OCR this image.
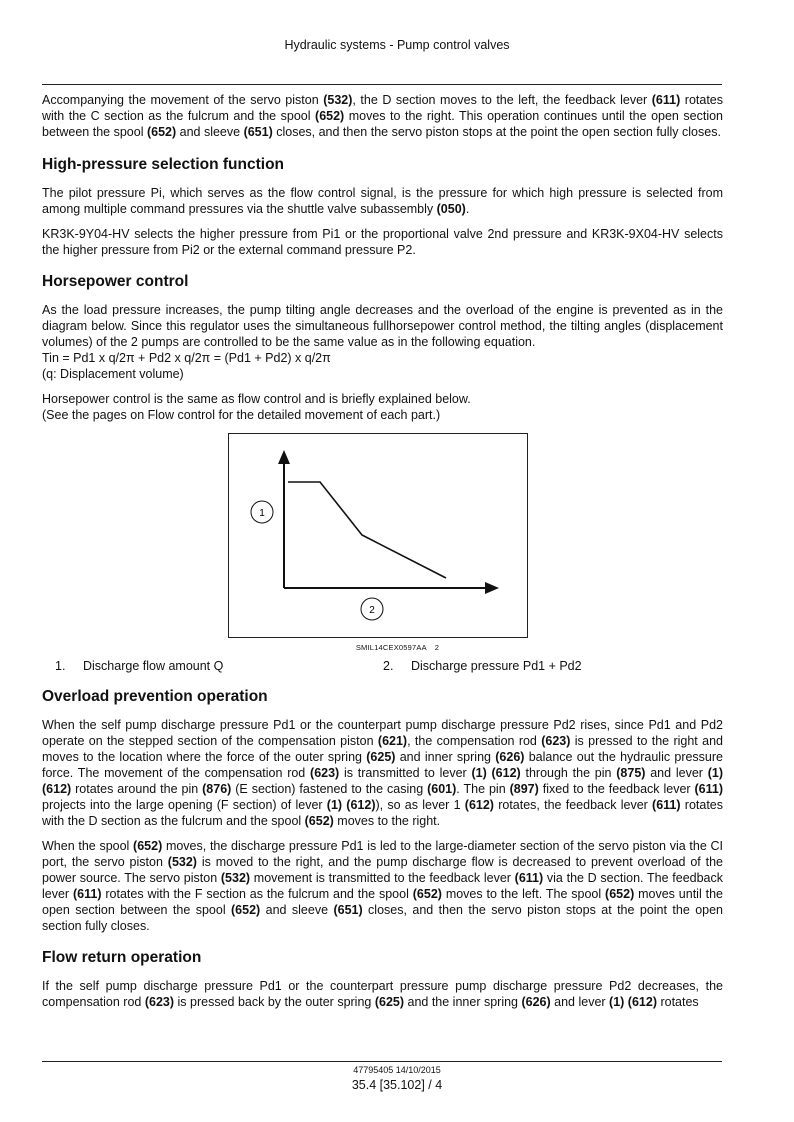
Hydraulic systems - Pump control valves

Accompanying the movement of the servo piston (532), the D section moves to the left, the feedback lever (611) rotates with the C section as the fulcrum and the spool (652) moves to the right. This operation continues until the open section between the spool (652) and sleeve (651) closes, and then the servo piston stops at the point the open section fully closes.

High-pressure selection function

The pilot pressure Pi, which serves as the flow control signal, is the pressure for which high pressure is selected from among multiple command pressures via the shuttle valve subassembly (050).

KR3K-9Y04-HV selects the higher pressure from Pi1 or the proportional valve 2nd pressure and KR3K-9X04-HV selects the higher pressure from Pi2 or the external command pressure P2.

Horsepower control

As the load pressure increases, the pump tilting angle decreases and the overload of the engine is prevented as in the diagram below. Since this regulator uses the simultaneous fullhorsepower control method, the tilting angles (displacement volumes) of the 2 pumps are controlled to be the same value as in the following equation.

Tin = Pd1 x q/2π + Pd2 x q/2π = (Pd1 + Pd2) x q/2π

(q: Displacement volume)

Horsepower control is the same as flow control and is briefly explained below.

(See the pages on Flow control for the detailed movement of each part.)

1
2
SMIL14CEX0597AA 2
1.	Discharge flow amount Q	2.	Discharge pressure Pd1 + Pd2
Overload prevention operation

When the self pump discharge pressure Pd1 or the counterpart pump discharge pressure Pd2 rises, since Pd1 and Pd2 operate on the stepped section of the compensation piston (621), the compensation rod (623) is pressed to the right and moves to the location where the force of the outer spring (625) and inner spring (626) balance out the hydraulic pressure force. The movement of the compensation rod (623) is transmitted to lever (1) (612) through the pin (875) and lever (1) (612) rotates around the pin (876) (E section) fastened to the casing (601). The pin (897) fixed to the feedback lever (611) projects into the large opening (F section) of lever (1) (612)), so as lever 1 (612) rotates, the feedback lever (611) rotates with the D section as the fulcrum and the spool (652) moves to the right.

When the spool (652) moves, the discharge pressure Pd1 is led to the large-diameter section of the servo piston via the CI port, the servo piston (532) is moved to the right, and the pump discharge flow is decreased to prevent overload of the power source. The servo piston (532) movement is transmitted to the feedback lever (611) via the D section. The feedback lever (611) rotates with the F section as the fulcrum and the spool (652) moves to the left. The spool (652) moves until the open section between the spool (652) and sleeve (651) closes, and then the servo piston stops at the point the open section fully closes.

Flow return operation

If the self pump discharge pressure Pd1 or the counterpart pressure pump discharge pressure Pd2 decreases, the compensation rod (623) is pressed back by the outer spring (625) and the inner spring (626) and lever (1) (612) rotates

47795405 14/10/2015
35.4 [35.102] / 4
